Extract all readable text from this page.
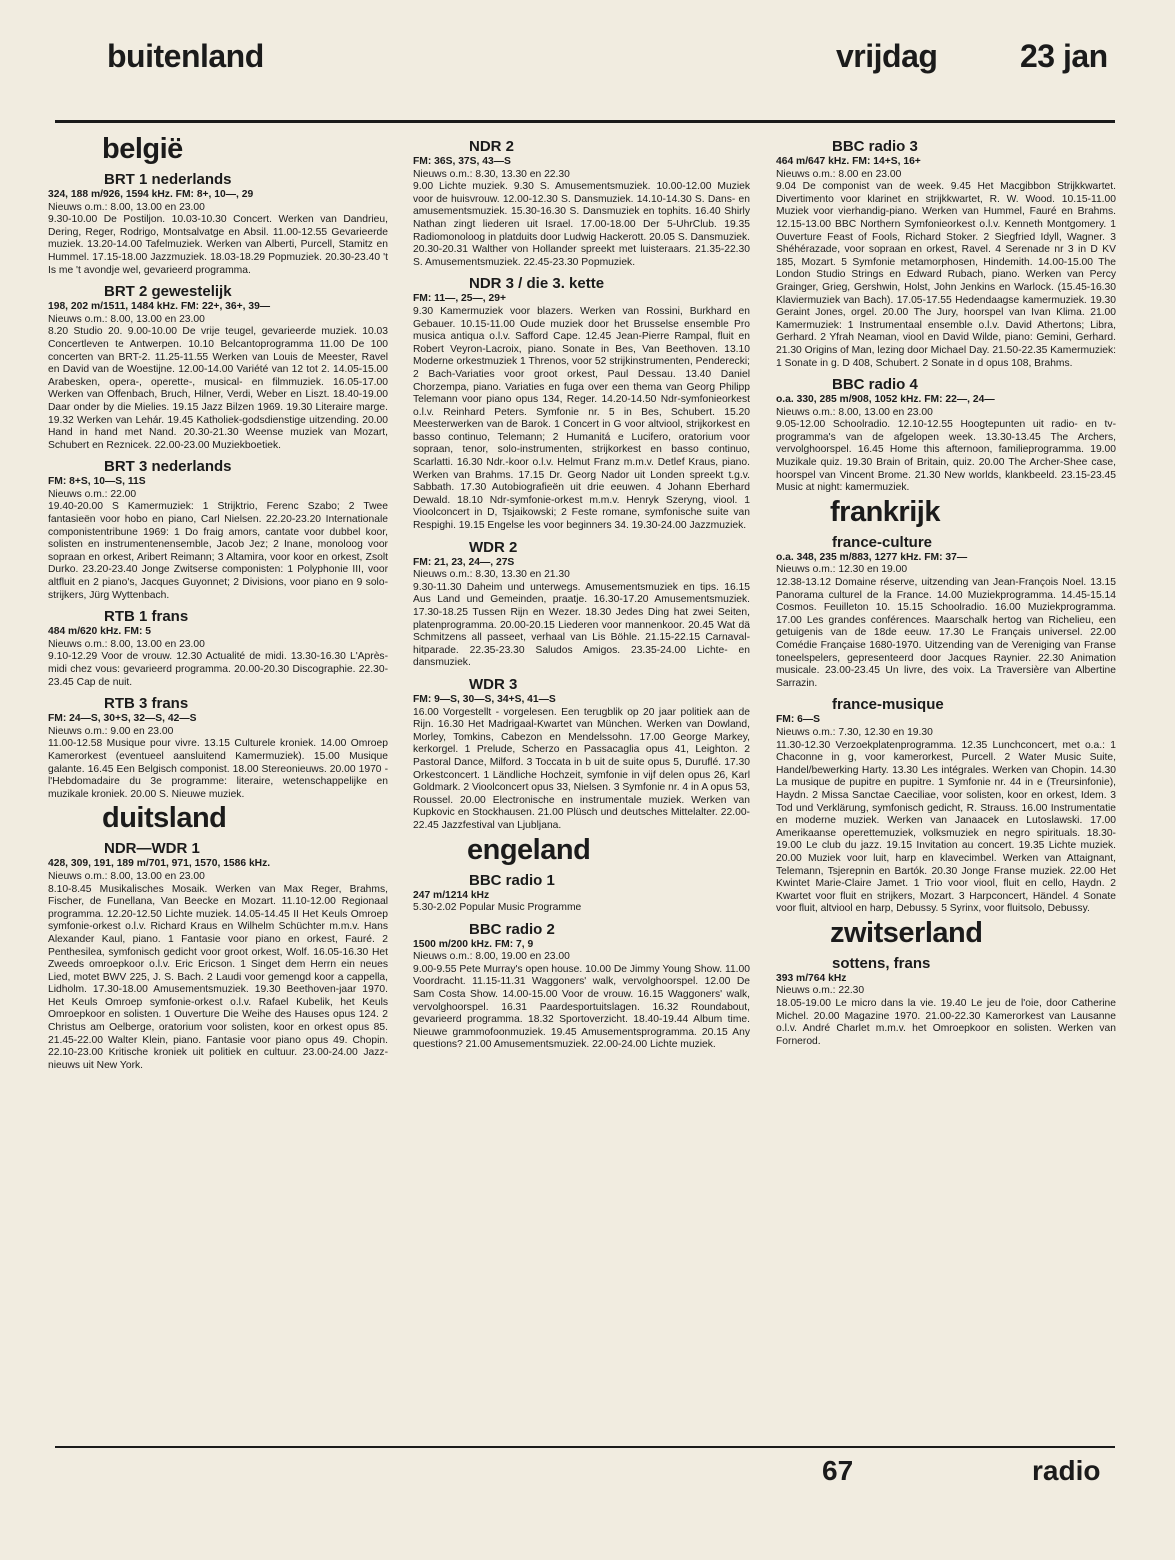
buitenland	vrijdag	23 jan
belgië
BRT 1 nederlands
324, 188 m/926, 1594 kHz. FM: 8+, 10—, 29
Nieuws o.m.: 8.00, 13.00 en 23.00
9.30-10.00 De Postiljon. 10.03-10.30 Concert. Werken van Dandrieu, Dering, Reger, Rodrigo, Montsalvatge en Absil. 11.00-12.55 Gevarieerde muziek. 13.20-14.00 Tafelmuziek. Werken van Alberti, Purcell, Stamitz en Hummel. 17.15-18.00 Jazzmuziek. 18.03-18.29 Popmuziek. 20.30-23.40 't Is me 't avondje wel, gevarieerd programma.
BRT 2 gewestelijk
198, 202 m/1511, 1484 kHz. FM: 22+, 36+, 39—
Nieuws o.m.: 8.00, 13.00 en 23.00
8.20 Studio 20. 9.00-10.00 De vrije teugel, gevarieerde muziek. 10.03 Concertleven te Antwerpen. 10.10 Belcantoprogramma 11.00 De 100 concerten van BRT-2. 11.25-11.55 Werken van Louis de Meester, Ravel en David van de Woestijne. 12.00-14.00 Variété van 12 tot 2. 14.05-15.00 Arabesken, opera-, operette-, musical- en filmmuziek. 16.05-17.00 Werken van Offenbach, Bruch, Hilner, Verdi, Weber en Liszt. 18.40-19.00 Daar onder by die Mielies. 19.15 Jazz Bilzen 1969. 19.30 Literaire marge. 19.32 Werken van Lehár. 19.45 Katholiek-godsdienstige uitzending. 20.00 Hand in hand met Nand. 20.30-21.30 Weense muziek van Mozart, Schubert en Reznicek. 22.00-23.00 Muziekboetiek.
BRT 3 nederlands
FM: 8+S, 10—S, 11S
Nieuws o.m.: 22.00
19.40-20.00 S Kamermuziek: 1 Strijktrio, Ferenc Szabo; 2 Twee fantasieën voor hobo en piano, Carl Nielsen. 22.20-23.20 Internationale componistentribune 1969: 1 Do fraig amors, cantate voor dubbel koor, solisten en instrumentenensemble, Jacob Jez; 2 Inane, monoloog voor sopraan en orkest, Aribert Reimann; 3 Altamira, voor koor en orkest, Zsolt Durko. 23.20-23.40 Jonge Zwitserse componisten: 1 Polyphonie III, voor altfluit en 2 piano's, Jacques Guyonnet; 2 Divisions, voor piano en 9 solo-strijkers, Jürg Wyttenbach.
RTB 1 frans
484 m/620 kHz. FM: 5
Nieuws o.m.: 8.00, 13.00 en 23.00
9.10-12.29 Voor de vrouw. 12.30 Actualité de midi. 13.30-16.30 L'Après-midi chez vous: gevarieerd programma. 20.00-20.30 Discographie. 22.30-23.45 Cap de nuit.
RTB 3 frans
FM: 24—S, 30+S, 32—S, 42—S
Nieuws o.m.: 9.00 en 23.00
11.00-12.58 Musique pour vivre. 13.15 Culturele kroniek. 14.00 Omroep Kamerorkest (eventueel aansluitend Kamermuziek). 15.00 Musique galante. 16.45 Een Belgisch componist. 18.00 Stereonieuws. 20.00 1970 - l'Hebdomadaire du 3e programme: literaire, wetenschappelijke en muzikale kroniek. 20.00 S. Nieuwe muziek.
duitsland
NDR—WDR 1
428, 309, 191, 189 m/701, 971, 1570, 1586 kHz.
Nieuws o.m.: 8.00, 13.00 en 23.00
8.10-8.45 Musikalisches Mosaik. Werken van Max Reger, Brahms, Fischer, de Funellana, Van Beecke en Mozart. 11.10-12.00 Regionaal programma. 12.20-12.50 Lichte muziek. 14.05-14.45 II Het Keuls Omroep symfonie-orkest o.l.v. Richard Kraus en Wilhelm Schüchter m.m.v. Hans Alexander Kaul, piano. 1 Fantasie voor piano en orkest, Fauré. 2 Penthesilea, symfonisch gedicht voor groot orkest, Wolf. 16.05-16.30 Het Zweeds omroepkoor o.l.v. Eric Ericson. 1 Singet dem Herrn ein neues Lied, motet BWV 225, J. S. Bach. 2 Laudi voor gemengd koor a cappella, Lidholm. 17.30-18.00 Amusementsmuziek. 19.30 Beethoven-jaar 1970. Het Keuls Omroep symfonie-orkest o.l.v. Rafael Kubelik, het Keuls Omroepkoor en solisten. 1 Ouverture Die Weihe des Hauses opus 124. 2 Christus am Oelberge, oratorium voor solisten, koor en orkest opus 85. 21.45-22.00 Walter Klein, piano. Fantasie voor piano opus 49. Chopin. 22.10-23.00 Kritische kroniek uit politiek en cultuur. 23.00-24.00 Jazz-nieuws uit New York.
NDR 2
FM: 36S, 37S, 43—S
Nieuws o.m.: 8.30, 13.30 en 22.30
9.00 Lichte muziek. 9.30 S. Amusementsmuziek. 10.00-12.00 Muziek voor de huisvrouw. 12.00-12.30 S. Dansmuziek. 14.10-14.30 S. Dans- en amusementsmuziek. 15.30-16.30 S. Dansmuziek en tophits. 16.40 Shirly Nathan zingt liederen uit Israel. 17.00-18.00 Der 5-UhrClub. 19.35 Radiomonoloog in platduits door Ludwig Hackerott. 20.05 S. Dansmuziek. 20.30-20.31 Walther von Hollander spreekt met luisteraars. 21.35-22.30 S. Amusementsmuziek. 22.45-23.30 Popmuziek.
NDR 3 / die 3. kette
FM: 11—, 25—, 29+
9.30 Kamermuziek voor blazers. Werken van Rossini, Burkhard en Gebauer. 10.15-11.00 Oude muziek door het Brusselse ensemble Pro musica antiqua o.l.v. Safford Cape. 12.45 Jean-Pierre Rampal, fluit en Robert Veyron-Lacroix, piano. Sonate in Bes, Van Beethoven. 13.10 Moderne orkestmuziek 1 Threnos, voor 52 strijkinstrumenten, Penderecki; 2 Bach-Variaties voor groot orkest, Paul Dessau. 13.40 Daniel Chorzempa, piano. Variaties en fuga over een thema van Georg Philipp Telemann voor piano opus 134, Reger. 14.20-14.50 Ndr-symfonieorkest o.l.v. Reinhard Peters. Symfonie nr. 5 in Bes, Schubert. 15.20 Meesterwerken van de Barok. 1 Concert in G voor altviool, strijkorkest en basso continuo, Telemann; 2 Humanitá e Lucifero, oratorium voor sopraan, tenor, solo-instrumenten, strijkorkest en basso continuo, Scarlatti. 16.30 Ndr.-koor o.l.v. Helmut Franz m.m.v. Detlef Kraus, piano. Werken van Brahms. 17.15 Dr. Georg Nador uit Londen spreekt t.g.v. Sabbath. 17.30 Autobiografieën uit drie eeuwen. 4 Johann Eberhard Dewald. 18.10 Ndr-symfonie-orkest m.m.v. Henryk Szeryng, viool. 1 Vioolconcert in D, Tsjaikowski; 2 Feste romane, symfonische suite van Respighi. 19.15 Engelse les voor beginners 34. 19.30-24.00 Jazzmuziek.
WDR 2
FM: 21, 23, 24—, 27S
Nieuws o.m.: 8.30, 13.30 en 21.30
9.30-11.30 Daheim und unterwegs. Amusementsmuziek en tips. 16.15 Aus Land und Gemeinden, praatje. 16.30-17.20 Amusementsmuziek. 17.30-18.25 Tussen Rijn en Wezer. 18.30 Jedes Ding hat zwei Seiten, platenprogramma. 20.00-20.15 Liederen voor mannenkoor. 20.45 Wat dä Schmitzens all passeet, verhaal van Lis Böhle. 21.15-22.15 Carnaval-hitparade. 22.35-23.30 Saludos Amigos. 23.35-24.00 Lichte- en dansmuziek.
WDR 3
FM: 9—S, 30—S, 34+S, 41—S
16.00 Vorgestellt - vorgelesen. Een terugblik op 20 jaar politiek aan de Rijn. 16.30 Het Madrigaal-Kwartet van München. Werken van Dowland, Morley, Tomkins, Cabezon en Mendelssohn. 17.00 George Markey, kerkorgel. 1 Prelude, Scherzo en Passacaglia opus 41, Leighton. 2 Pastoral Dance, Milford. 3 Toccata in b uit de suite opus 5, Duruflé. 17.30 Orkestconcert. 1 Ländliche Hochzeit, symfonie in vijf delen opus 26, Karl Goldmark. 2 Vioolconcert opus 33, Nielsen. 3 Symfonie nr. 4 in A opus 53, Roussel. 20.00 Electronische en instrumentale muziek. Werken van Kupkovic en Stockhausen. 21.00 Plüsch und deutsches Mittelalter. 22.00-22.45 Jazzfestival van Ljubljana.
engeland
BBC radio 1
247 m/1214 kHz
5.30-2.02 Popular Music Programme
BBC radio 2
1500 m/200 kHz. FM: 7, 9
Nieuws o.m.: 8.00, 19.00 en 23.00
9.00-9.55 Pete Murray's open house. 10.00 De Jimmy Young Show. 11.00 Voordracht. 11.15-11.31 Waggoners' walk, vervolghoorspel. 12.00 De Sam Costa Show. 14.00-15.00 Voor de vrouw. 16.15 Waggoners' walk, vervolghoorspel. 16.31 Paardesportuitslagen. 16.32 Roundabout, gevarieerd programma. 18.32 Sportoverzicht. 18.40-19.44 Album time. Nieuwe grammofoonmuziek. 19.45 Amusementsprogramma. 20.15 Any questions? 21.00 Amusementsmuziek. 22.00-24.00 Lichte muziek.
BBC radio 3
464 m/647 kHz. FM: 14+S, 16+
Nieuws o.m.: 8.00 en 23.00
9.04 De componist van de week. 9.45 Het Macgibbon Strijkkwartet. Divertimento voor klarinet en strijkkwartet, R. W. Wood. 10.15-11.00 Muziek voor vierhandig-piano. Werken van Hummel, Fauré en Brahms. 12.15-13.00 BBC Northern Symfonieorkest o.l.v. Kenneth Montgomery. 1 Ouverture Feast of Fools, Richard Stoker. 2 Siegfried Idyll, Wagner. 3 Shéhérazade, voor sopraan en orkest, Ravel. 4 Serenade nr 3 in D KV 185, Mozart. 5 Symfonie metamorphosen, Hindemith. 14.00-15.00 The London Studio Strings en Edward Rubach, piano. Werken van Percy Grainger, Grieg, Gershwin, Holst, John Jenkins en Warlock. (15.45-16.30 Klaviermuziek van Bach). 17.05-17.55 Hedendaagse kamermuziek. 19.30 Geraint Jones, orgel. 20.00 The Jury, hoorspel van Ivan Klima. 21.00 Kamermuziek: 1 Instrumentaal ensemble o.l.v. David Athertons; Libra, Gerhard. 2 Yfrah Neaman, viool en David Wilde, piano: Gemini, Gerhard. 21.30 Origins of Man, lezing door Michael Day. 21.50-22.35 Kamermuziek: 1 Sonate in g. D 408, Schubert. 2 Sonate in d opus 108, Brahms.
BBC radio 4
o.a. 330, 285 m/908, 1052 kHz. FM: 22—, 24—
Nieuws o.m.: 8.00, 13.00 en 23.00
9.05-12.00 Schoolradio. 12.10-12.55 Hoogtepunten uit radio- en tv-programma's van de afgelopen week. 13.30-13.45 The Archers, vervolghoorspel. 16.45 Home this afternoon, familieprogramma. 19.00 Muzikale quiz. 19.30 Brain of Britain, quiz. 20.00 The Archer-Shee case, hoorspel van Vincent Brome. 21.30 New worlds, klankbeeld. 23.15-23.45 Music at night: kamermuziek.
frankrijk
france-culture
o.a. 348, 235 m/883, 1277 kHz. FM: 37—
Nieuws o.m.: 12.30 en 19.00
12.38-13.12 Domaine réserve, uitzending van Jean-François Noel. 13.15 Panorama culturel de la France. 14.00 Muziekprogramma. 14.45-15.14 Cosmos. Feuilleton 10. 15.15 Schoolradio. 16.00 Muziekprogramma. 17.00 Les grandes conférences. Maarschalk hertog van Richelieu, een getuigenis van de 18de eeuw. 17.30 Le Français universel. 22.00 Comédie Française 1680-1970. Uitzending van de Vereniging van Franse toneelspelers, gepresenteerd door Jacques Raynier. 22.30 Animation musicale. 23.00-23.45 Un livre, des voix. La Traversière van Albertine Sarrazin.
france-musique
FM: 6—S
Nieuws o.m.: 7.30, 12.30 en 19.30
11.30-12.30 Verzoekplatenprogramma. 12.35 Lunchconcert, met o.a.: 1 Chaconne in g, voor kamerorkest, Purcell. 2 Water Music Suite, Handel/bewerking Harty. 13.30 Les intégrales. Werken van Chopin. 14.30 La musique de pupitre en pupitre. 1 Symfonie nr. 44 in e (Treursinfonie), Haydn. 2 Missa Sanctae Caeciliae, voor solisten, koor en orkest, Idem. 3 Tod und Verklärung, symfonisch gedicht, R. Strauss. 16.00 Instrumentatie en moderne muziek. Werken van Janaacek en Lutoslawski. 17.00 Amerikaanse operettemuziek, volksmuziek en negro spirituals. 18.30-19.00 Le club du jazz. 19.15 Invitation au concert. 19.35 Lichte muziek. 20.00 Muziek voor luit, harp en klavecimbel. Werken van Attaignant, Telemann, Tsjerepnin en Bartók. 20.30 Jonge Franse muziek. 22.00 Het Kwintet Marie-Claire Jamet. 1 Trio voor viool, fluit en cello, Haydn. 2 Kwartet voor fluit en strijkers, Mozart. 3 Harpconcert, Händel. 4 Sonate voor fluit, altviool en harp, Debussy. 5 Syrinx, voor fluitsolo, Debussy.
zwitserland
sottens, frans
393 m/764 kHz
Nieuws o.m.: 22.30
18.05-19.00 Le micro dans la vie. 19.40 Le jeu de l'oie, door Catherine Michel. 20.00 Magazine 1970. 21.00-22.30 Kamerorkest van Lausanne o.l.v. André Charlet m.m.v. het Omroepkoor en solisten. Werken van Fornerod.
67	radio
